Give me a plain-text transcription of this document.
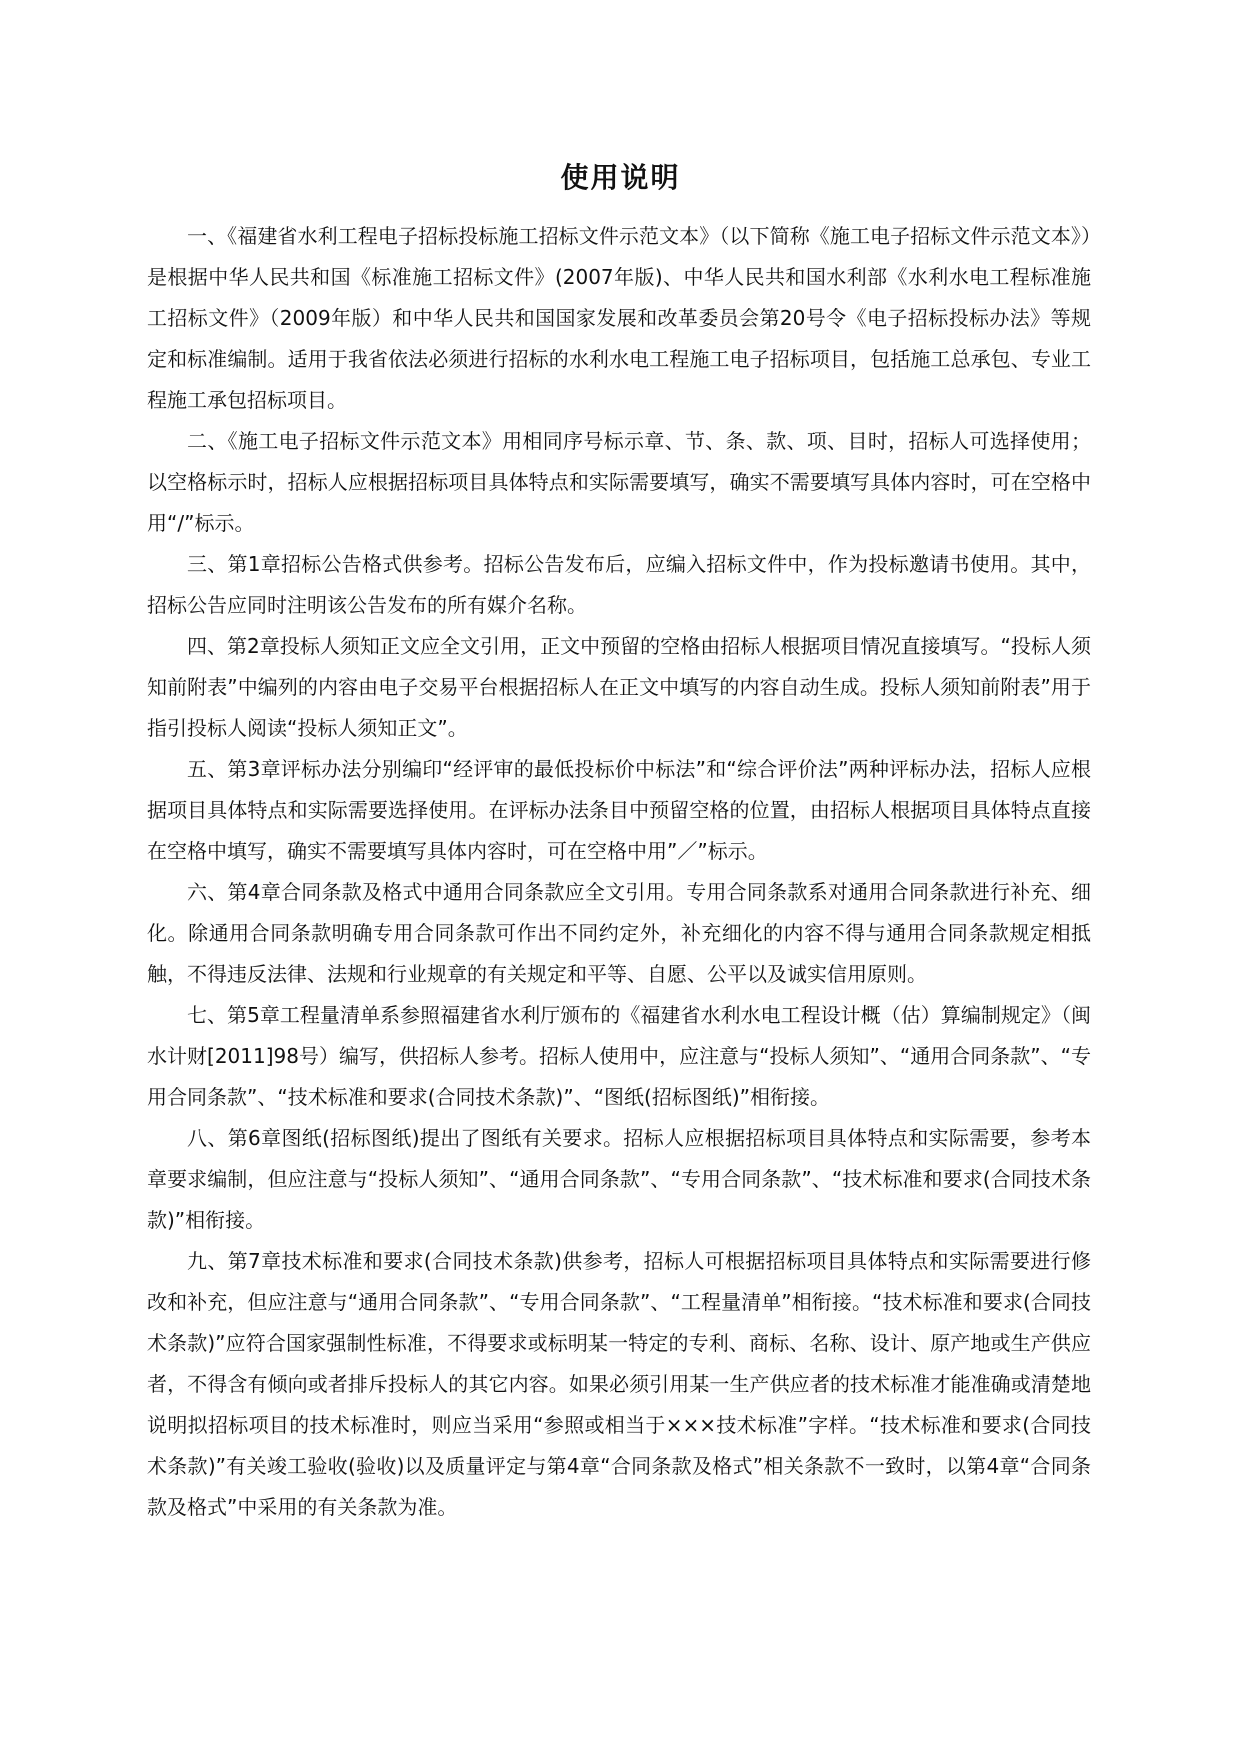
使用说明

一、《福建省水利工程电子招标投标施工招标文件示范文本》（以下简称《施工电子招标文件示范文本》）是根据中华人民共和国《标准施工招标文件》(2007年版)、中华人民共和国水利部《水利水电工程标准施工招标文件》（2009年版）和中华人民共和国国家发展和改革委员会第20号令《电子招标投标办法》等规定和标准编制。适用于我省依法必须进行招标的水利水电工程施工电子招标项目，包括施工总承包、专业工程施工承包招标项目。

二、《施工电子招标文件示范文本》用相同序号标示章、节、条、款、项、目时，招标人可选择使用；以空格标示时，招标人应根据招标项目具体特点和实际需要填写，确实不需要填写具体内容时，可在空格中用“/”标示。

三、第1章招标公告格式供参考。招标公告发布后，应编入招标文件中，作为投标邀请书使用。其中，招标公告应同时注明该公告发布的所有媒介名称。

四、第2章投标人须知正文应全文引用，正文中预留的空格由招标人根据项目情况直接填写。“投标人须知前附表”中编列的内容由电子交易平台根据招标人在正文中填写的内容自动生成。投标人须知前附表”用于指引投标人阅读“投标人须知正文”。

五、第3章评标办法分别编印“经评审的最低投标价中标法”和“综合评价法”两种评标办法，招标人应根据项目具体特点和实际需要选择使用。在评标办法条目中预留空格的位置，由招标人根据项目具体特点直接在空格中填写，确实不需要填写具体内容时，可在空格中用”／”标示。

六、第4章合同条款及格式中通用合同条款应全文引用。专用合同条款系对通用合同条款进行补充、细化。除通用合同条款明确专用合同条款可作出不同约定外，补充细化的内容不得与通用合同条款规定相抵触，不得违反法律、法规和行业规章的有关规定和平等、自愿、公平以及诚实信用原则。

七、第5章工程量清单系参照福建省水利厅颁布的《福建省水利水电工程设计概（估）算编制规定》（闽水计财[2011]98号）编写，供招标人参考。招标人使用中，应注意与“投标人须知”、“通用合同条款”、“专用合同条款”、“技术标准和要求(合同技术条款)”、“图纸(招标图纸)”相衔接。

八、第6章图纸(招标图纸)提出了图纸有关要求。招标人应根据招标项目具体特点和实际需要，参考本章要求编制，但应注意与“投标人须知”、“通用合同条款”、“专用合同条款”、“技术标准和要求(合同技术条款)”相衔接。

九、第7章技术标准和要求(合同技术条款)供参考，招标人可根据招标项目具体特点和实际需要进行修改和补充，但应注意与“通用合同条款”、“专用合同条款”、“工程量清单”相衔接。“技术标准和要求(合同技术条款)”应符合国家强制性标准，不得要求或标明某一特定的专利、商标、名称、设计、原产地或生产供应者，不得含有倾向或者排斥投标人的其它内容。如果必须引用某一生产供应者的技术标准才能准确或清楚地说明拟招标项目的技术标准时，则应当采用“参照或相当于×××技术标准”字样。“技术标准和要求(合同技术条款)”有关竣工验收(验收)以及质量评定与第4章“合同条款及格式”相关条款不一致时，以第4章“合同条款及格式”中采用的有关条款为准。
